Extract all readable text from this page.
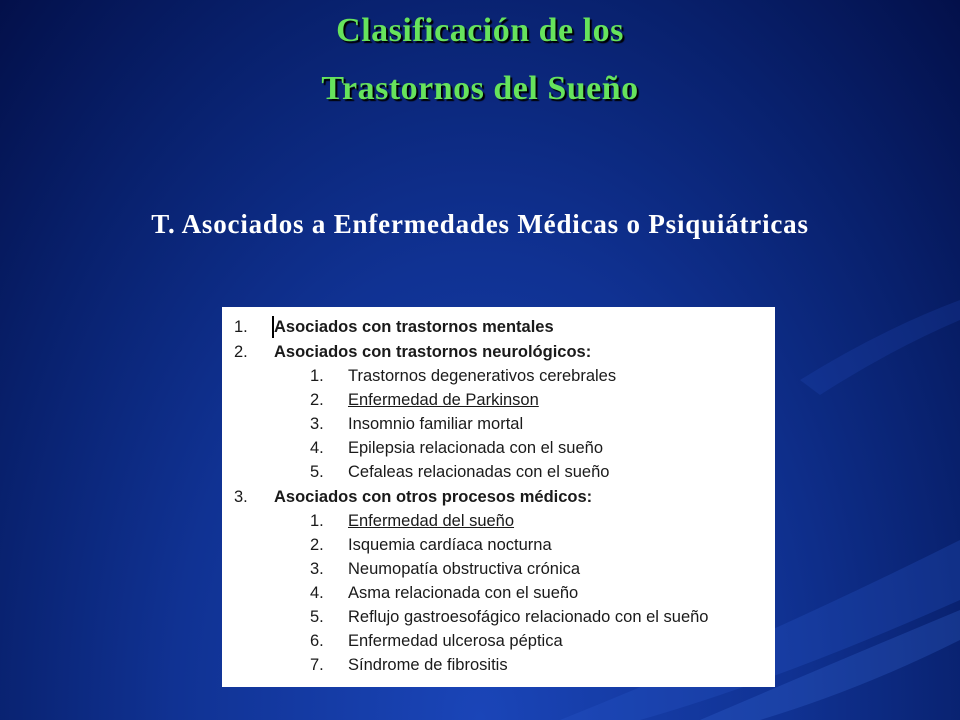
Clasificación de los
Trastornos del Sueño
T. Asociados a Enfermedades Médicas o Psiquiátricas
1. Asociados con trastornos mentales
2. Asociados con trastornos neurológicos:
1. Trastornos degenerativos cerebrales
2. Enfermedad de Parkinson
3. Insomnio familiar mortal
4. Epilepsia relacionada con el sueño
5. Cefaleas relacionadas con el sueño
3. Asociados con otros procesos médicos:
1. Enfermedad del sueño
2. Isquemia cardíaca nocturna
3. Neumopatía obstructiva crónica
4. Asma relacionada con el sueño
5. Reflujo gastroesofágico relacionado con el sueño
6. Enfermedad ulcerosa péptica
7. Síndrome de fibrositis
